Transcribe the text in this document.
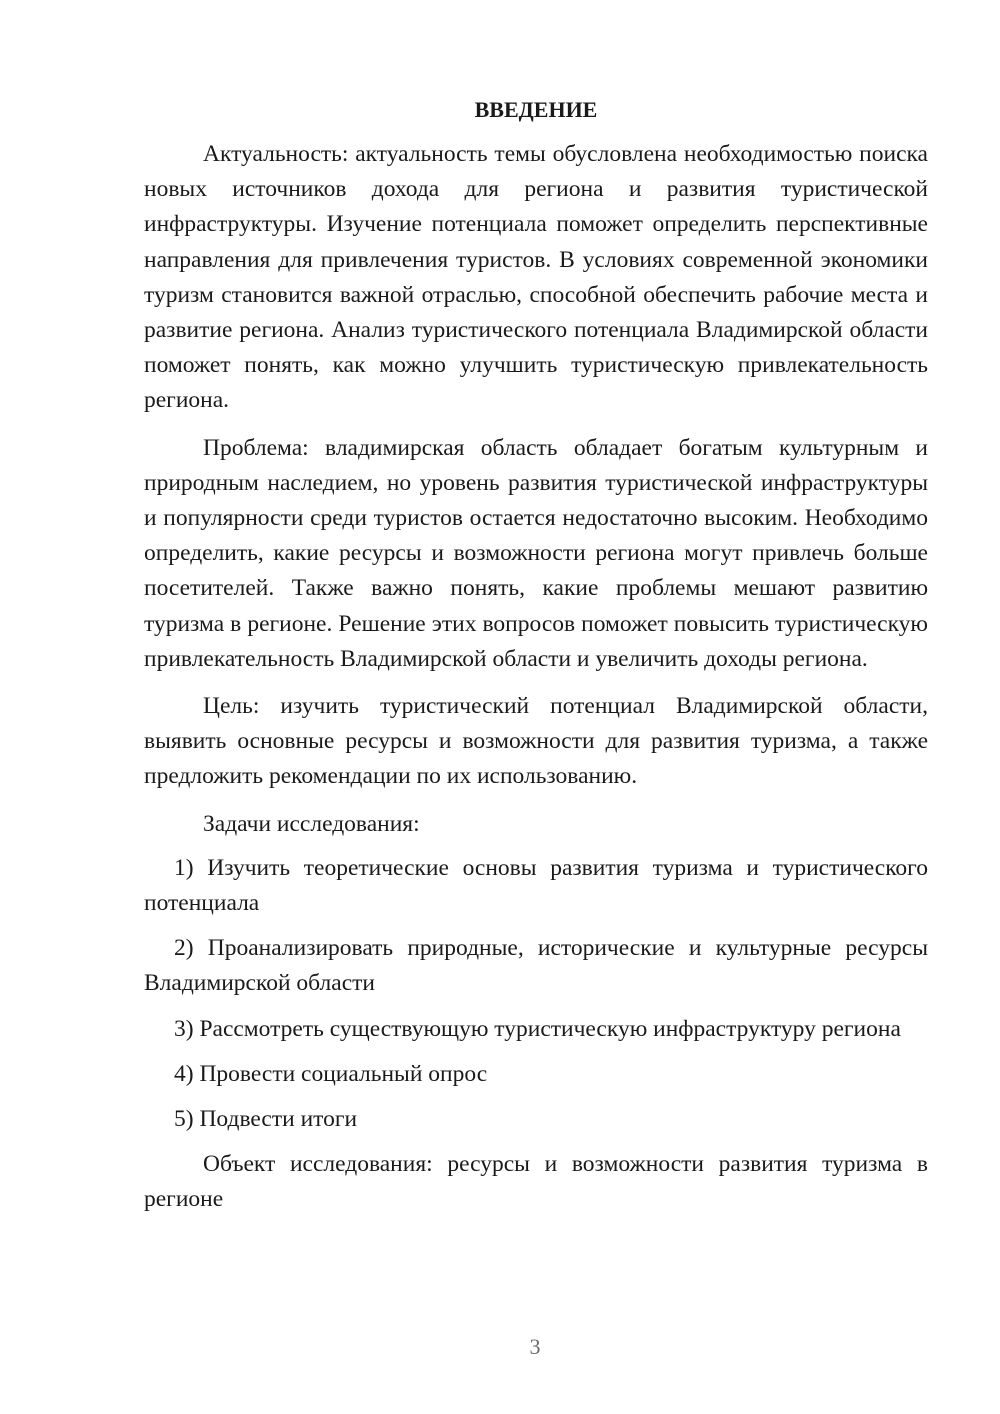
ВВЕДЕНИЕ

Актуальность: актуальность темы обусловлена необходимостью поиска новых источников дохода для региона и развития туристической инфраструктуры. Изучение потенциала поможет определить перспективные направления для привлечения туристов. В условиях современной экономики туризм становится важной отраслью, способной обеспечить рабочие места и развитие региона. Анализ туристического потенциала Владимирской области поможет понять, как можно улучшить туристическую привлекательность региона.

Проблема: владимирская область обладает богатым культурным и природным наследием, но уровень развития туристической инфраструктуры и популярности среди туристов остается недостаточно высоким. Необходимо определить, какие ресурсы и возможности региона могут привлечь больше посетителей. Также важно понять, какие проблемы мешают развитию туризма в регионе. Решение этих вопросов поможет повысить туристическую привлекательность Владимирской области и увеличить доходы региона.

Цель: изучить туристический потенциал Владимирской области, выявить основные ресурсы и возможности для развития туризма, а также предложить рекомендации по их использованию.

Задачи исследования:

1) Изучить теоретические основы развития туризма и туристического потенциала

2) Проанализировать природные, исторические и культурные ресурсы Владимирской области

3) Рассмотреть существующую туристическую инфраструктуру региона

4) Провести социальный опрос

5) Подвести итоги

Объект исследования: ресурсы и возможности развития туризма в регионе

3
